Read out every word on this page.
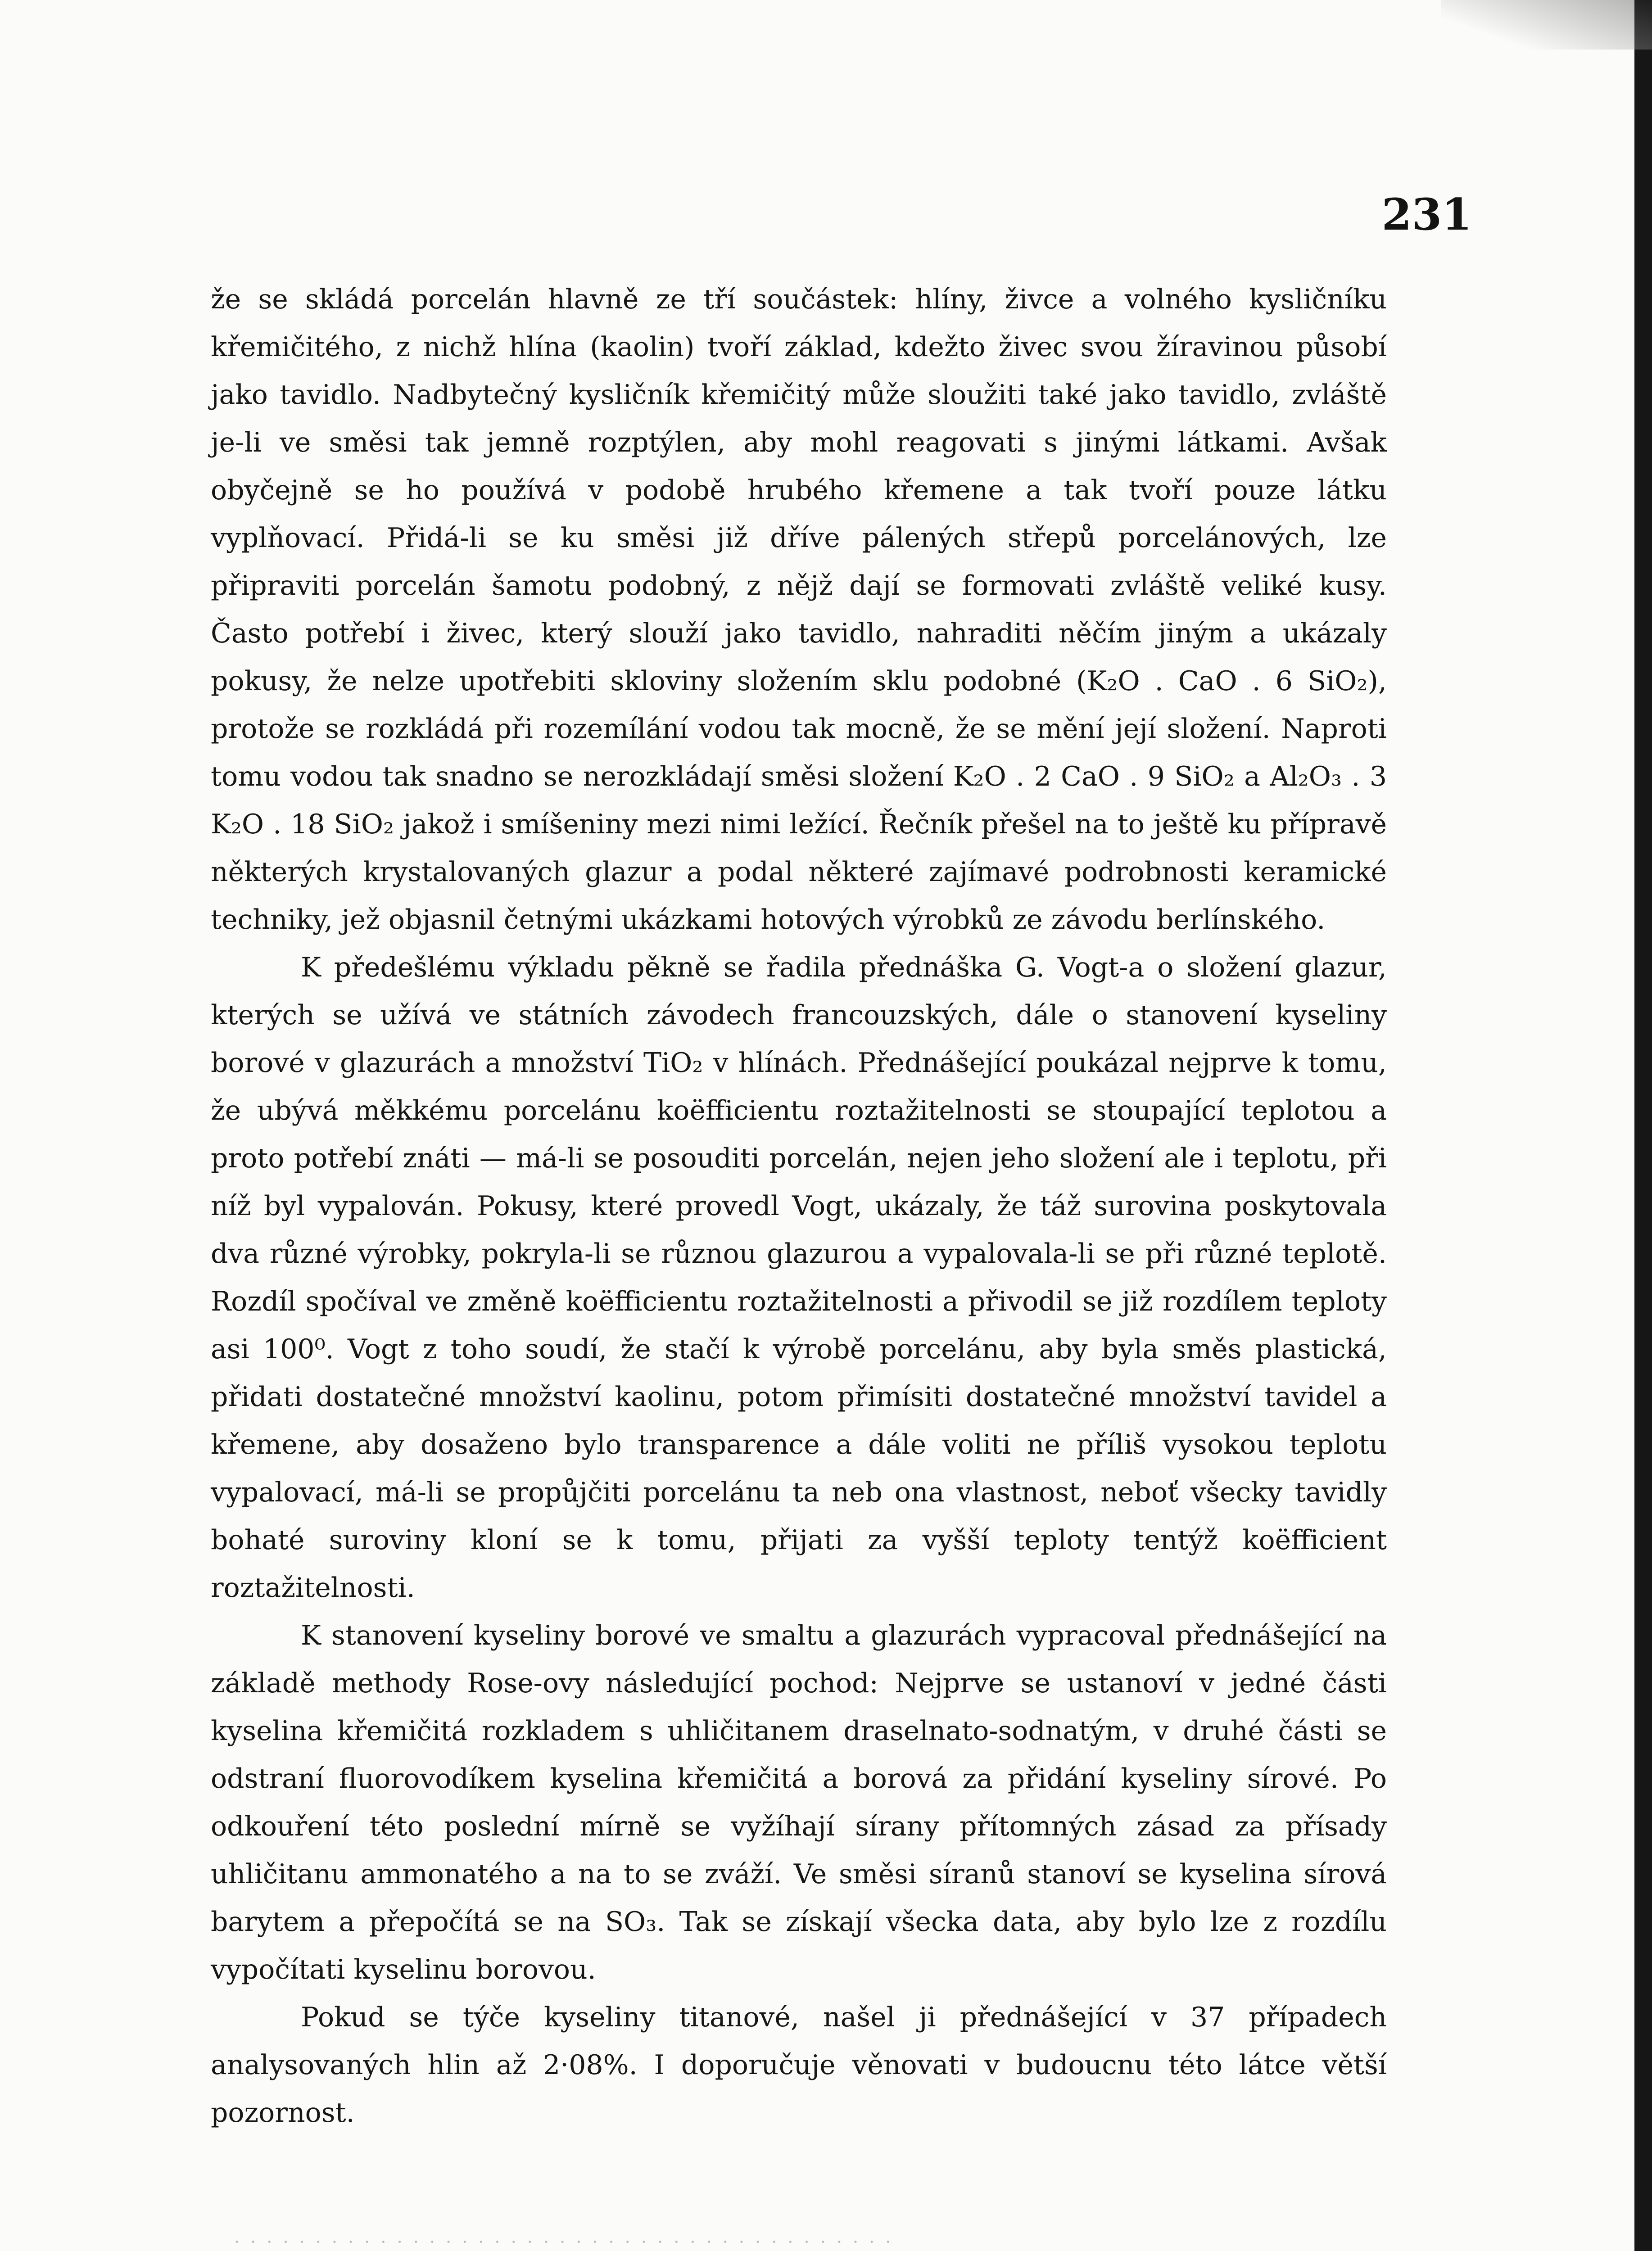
231

že se skládá porcelán hlavně ze tří součástek: hlíny, živce a volného kysličníku křemičitého, z nichž hlína (kaolin) tvoří základ, kdežto živec svou žíravinou působí jako tavidlo. Nadbytečný kysličník křemičitý může sloužiti také jako tavidlo, zvláště je-li ve směsi tak jemně rozptýlen, aby mohl reagovati s jinými látkami. Avšak obyčejně se ho používá v podobě hrubého křemene a tak tvoří pouze látku vyplňovací. Přidá-li se ku směsi již dříve pálených střepů porcelánových, lze připraviti porcelán šamotu podobný, z nějž dají se formovati zvláště veliké kusy. Často potřebí i živec, který slouží jako tavidlo, nahraditi něčím jiným a ukázaly pokusy, že nelze upotřebiti skloviny složením sklu podobné (K₂O . CaO . 6 SiO₂), protože se rozkládá při rozemílání vodou tak mocně, že se mění její složení. Naproti tomu vodou tak snadno se nerozkládají směsi složení K₂O . 2 CaO . 9 SiO₂ a Al₂O₃ . 3 K₂O . 18 SiO₂ jakož i smíšeniny mezi nimi ležící. Řečník přešel na to ještě ku přípravě některých krystalovaných glazur a podal některé zajímavé podrobnosti keramické techniky, jež objasnil četnými ukázkami hotových výrobků ze závodu berlínského.

K předešlému výkladu pěkně se řadila přednáška G. Vogt-a o složení glazur, kterých se užívá ve státních závodech francouzských, dále o stanovení kyseliny borové v glazurách a množství TiO₂ v hlínách. Přednášející poukázal nejprve k tomu, že ubývá měkkému porcelánu koëfficientu roztažitelnosti se stoupající teplotou a proto potřebí znáti — má-li se posouditi porcelán, nejen jeho složení ale i teplotu, při níž byl vypalován. Pokusy, které provedl Vogt, ukázaly, že táž surovina poskytovala dva různé výrobky, pokryla-li se různou glazurou a vypalovala-li se při různé teplotě. Rozdíl spočíval ve změně koëfficientu roztažitelnosti a přivodil se již rozdílem teploty asi 100⁰. Vogt z toho soudí, že stačí k výrobě porcelánu, aby byla směs plastická, přidati dostatečné množství kaolinu, potom přimísiti dostatečné množství tavidel a křemene, aby dosaženo bylo transparence a dále voliti ne příliš vysokou teplotu vypalovací, má-li se propůjčiti porcelánu ta neb ona vlastnost, neboť všecky tavidly bohaté suroviny kloní se k tomu, přijati za vyšší teploty tentýž koëfficient roztažitelnosti.

K stanovení kyseliny borové ve smaltu a glazurách vypracoval přednášející na základě methody Rose-ovy následující pochod: Nejprve se ustanoví v jedné části kyselina křemičitá rozkladem s uhličitanem draselnato-sodnatým, v druhé části se odstraní fluorovodíkem kyselina křemičitá a borová za přidání kyseliny sírové. Po odkouření této poslední mírně se vyžíhají sírany přítomných zásad za přísady uhličitanu ammonatého a na to se zváží. Ve směsi síranů stanoví se kyselina sírová barytem a přepočítá se na SO₃. Tak se získají všecka data, aby bylo lze z rozdílu vypočítati kyselinu borovou.

Pokud se týče kyseliny titanové, našel ji přednášející v 37 případech analysovaných hlin až 2·08%. I doporučuje věnovati v budoucnu této látce větší pozornost.

· · · · · · · · · · · · · · · · · · · · · · · · · · · · · · · · · · · · · · · · ·
